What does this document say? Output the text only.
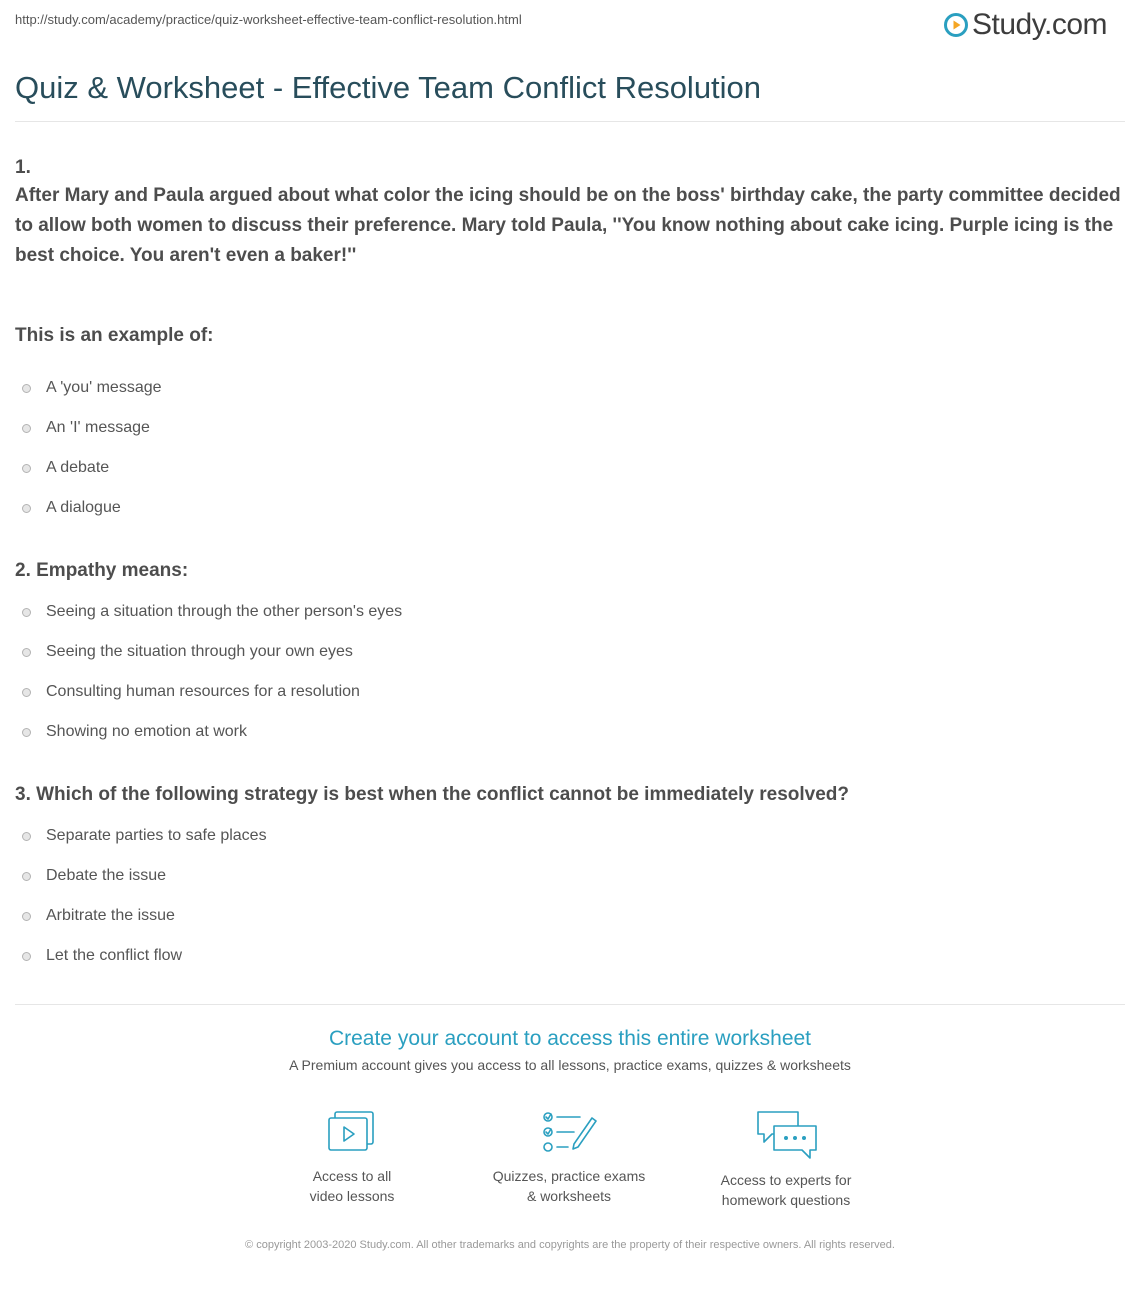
http://study.com/academy/practice/quiz-worksheet-effective-team-conflict-resolution.html	Study.com
Quiz & Worksheet - Effective Team Conflict Resolution
1.

After Mary and Paula argued about what color the icing should be on the boss' birthday cake, the party committee decided to allow both women to discuss their preference. Mary told Paula, ''You know nothing about cake icing. Purple icing is the best choice. You aren't even a baker!''

This is an example of:

A 'you' message
An 'I' message
A debate
A dialogue

2. Empathy means:

Seeing a situation through the other person's eyes
Seeing the situation through your own eyes
Consulting human resources for a resolution
Showing no emotion at work

3. Which of the following strategy is best when the conflict cannot be immediately resolved?

Separate parties to safe places
Debate the issue
Arbitrate the issue
Let the conflict flow
Create your account to access this entire worksheet
A Premium account gives you access to all lessons, practice exams, quizzes & worksheets
Access to all
video lessons
Quizzes, practice exams
& worksheets
Access to experts for
homework questions
© copyright 2003-2020 Study.com. All other trademarks and copyrights are the property of their respective owners. All rights reserved.
